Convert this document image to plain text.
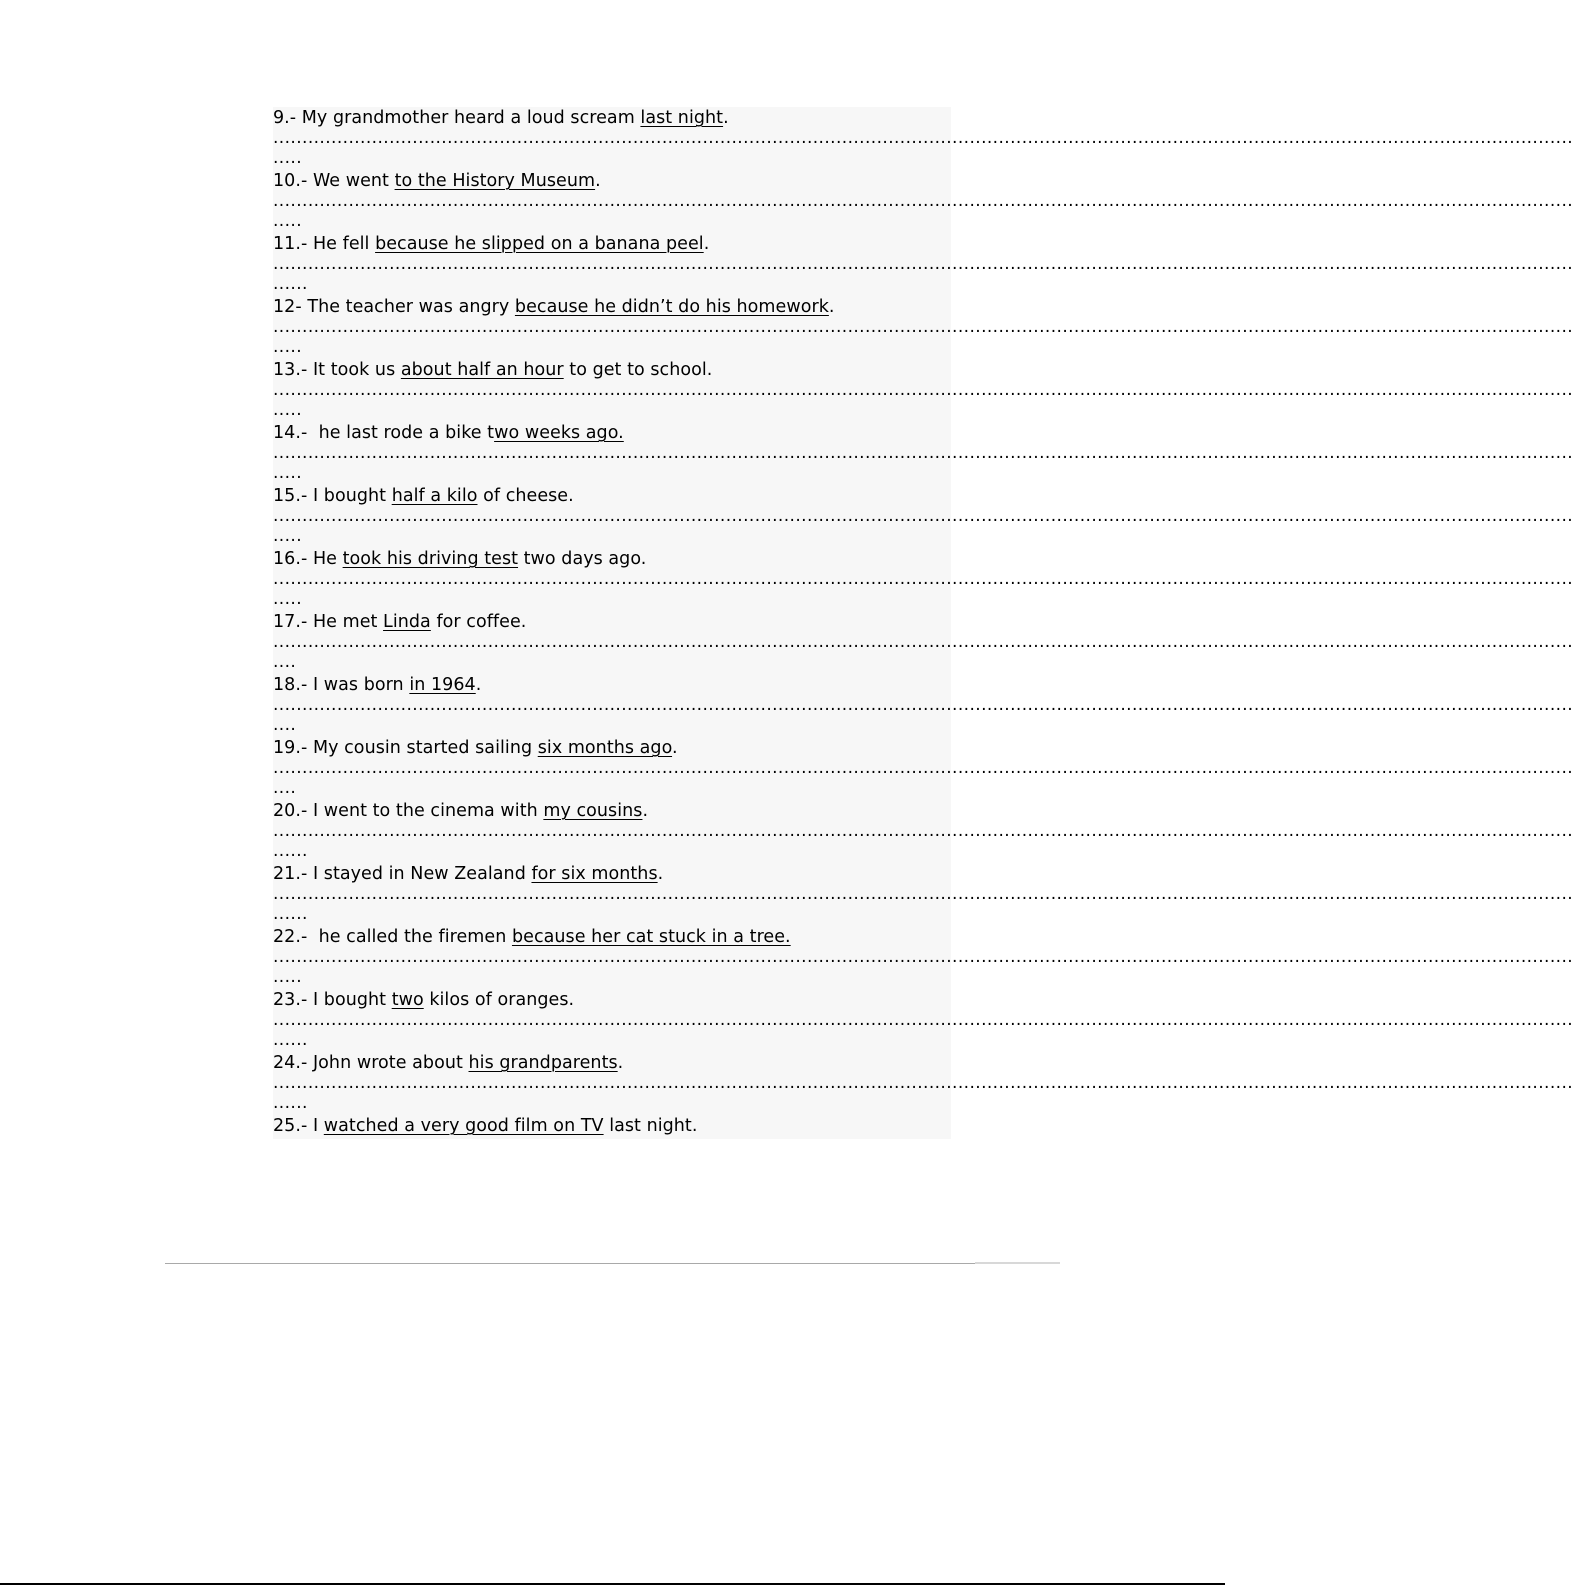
9.- My grandmother heard a loud scream last night.
................................................................................................................................................................................................................................
.....
10.- We went to the History Museum.
................................................................................................................................................................................................................................
.....
11.- He fell because he slipped on a banana peel.
................................................................................................................................................................................................................................
......
12- The teacher was angry because he didn’t do his homework.
................................................................................................................................................................................................................................
.....
13.- It took us about half an hour to get to school.
................................................................................................................................................................................................................................
.....
14.-  he last rode a bike two weeks ago.
................................................................................................................................................................................................................................
.....
15.- I bought half a kilo of cheese.
................................................................................................................................................................................................................................
.....
16.- He took his driving test two days ago.
................................................................................................................................................................................................................................
.....
17.- He met Linda for coffee.
................................................................................................................................................................................................................................
....
18.- I was born in 1964.
................................................................................................................................................................................................................................
....
19.- My cousin started sailing six months ago.
................................................................................................................................................................................................................................
....
20.- I went to the cinema with my cousins.
................................................................................................................................................................................................................................
......
21.- I stayed in New Zealand for six months.
................................................................................................................................................................................................................................
......
22.-  he called the firemen because her cat stuck in a tree.
................................................................................................................................................................................................................................
.....
23.- I bought two kilos of oranges.
................................................................................................................................................................................................................................
......
24.- John wrote about his grandparents.
................................................................................................................................................................................................................................
......
25.- I watched a very good film on TV last night.
